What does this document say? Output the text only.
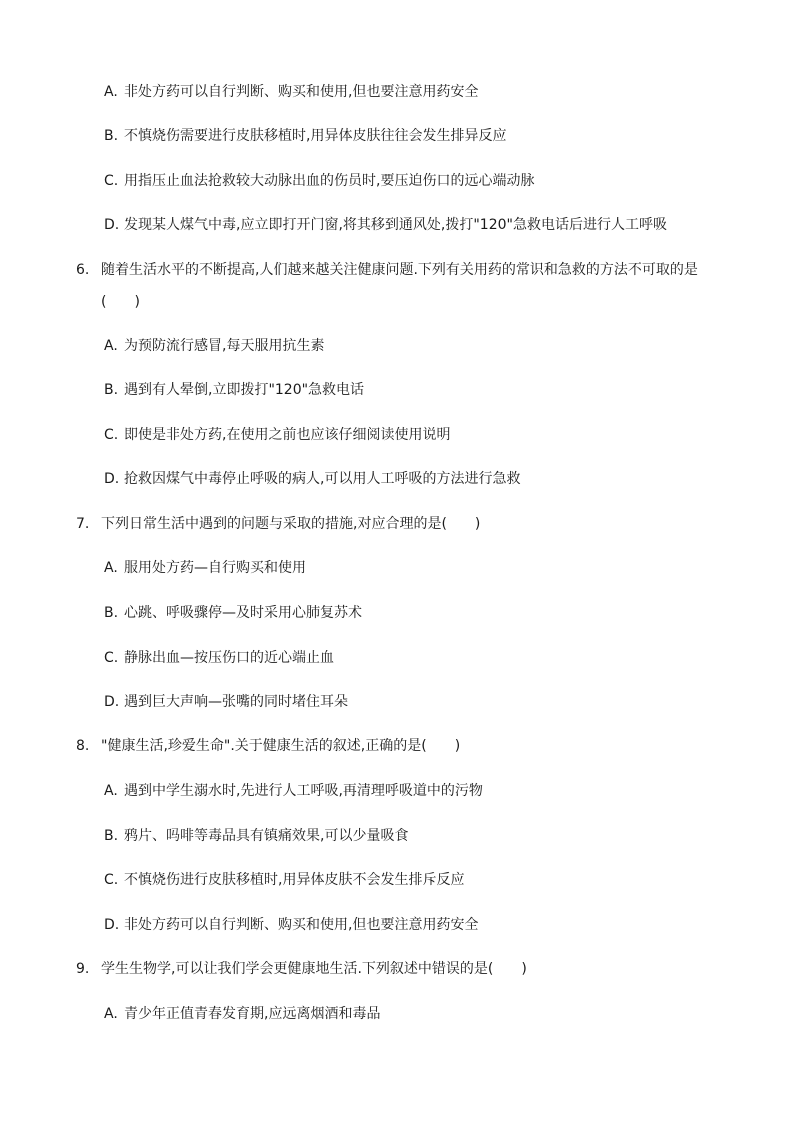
A. 非处方药可以自行判断、购买和使用,但也要注意用药安全
B. 不慎烧伤需要进行皮肤移植时,用异体皮肤往往会发生排异反应
C. 用指压止血法抢救较大动脉出血的伤员时,要压迫伤口的远心端动脉
D. 发现某人煤气中毒,应立即打开门窗,将其移到通风处,拨打"120"急救电话后进行人工呼吸
6. 随着生活水平的不断提高,人们越来越关注健康问题.下列有关用药的常识和急救的方法不可取的是
(　　)
A. 为预防流行感冒,每天服用抗生素
B. 遇到有人晕倒,立即拨打"120"急救电话
C. 即使是非处方药,在使用之前也应该仔细阅读使用说明
D. 抢救因煤气中毒停止呼吸的病人,可以用人工呼吸的方法进行急救
7. 下列日常生活中遇到的问题与采取的措施,对应合理的是(　　)
A. 服用处方药—自行购买和使用
B. 心跳、呼吸骤停—及时采用心肺复苏术
C. 静脉出血—按压伤口的近心端止血
D. 遇到巨大声响—张嘴的同时堵住耳朵
8. "健康生活,珍爱生命".关于健康生活的叙述,正确的是(　　)
A. 遇到中学生溺水时,先进行人工呼吸,再清理呼吸道中的污物
B. 鸦片、吗啡等毒品具有镇痛效果,可以少量吸食
C. 不慎烧伤进行皮肤移植时,用异体皮肤不会发生排斥反应
D. 非处方药可以自行判断、购买和使用,但也要注意用药安全
9. 学生生物学,可以让我们学会更健康地生活.下列叙述中错误的是(　　)
A. 青少年正值青春发育期,应远离烟酒和毒品
